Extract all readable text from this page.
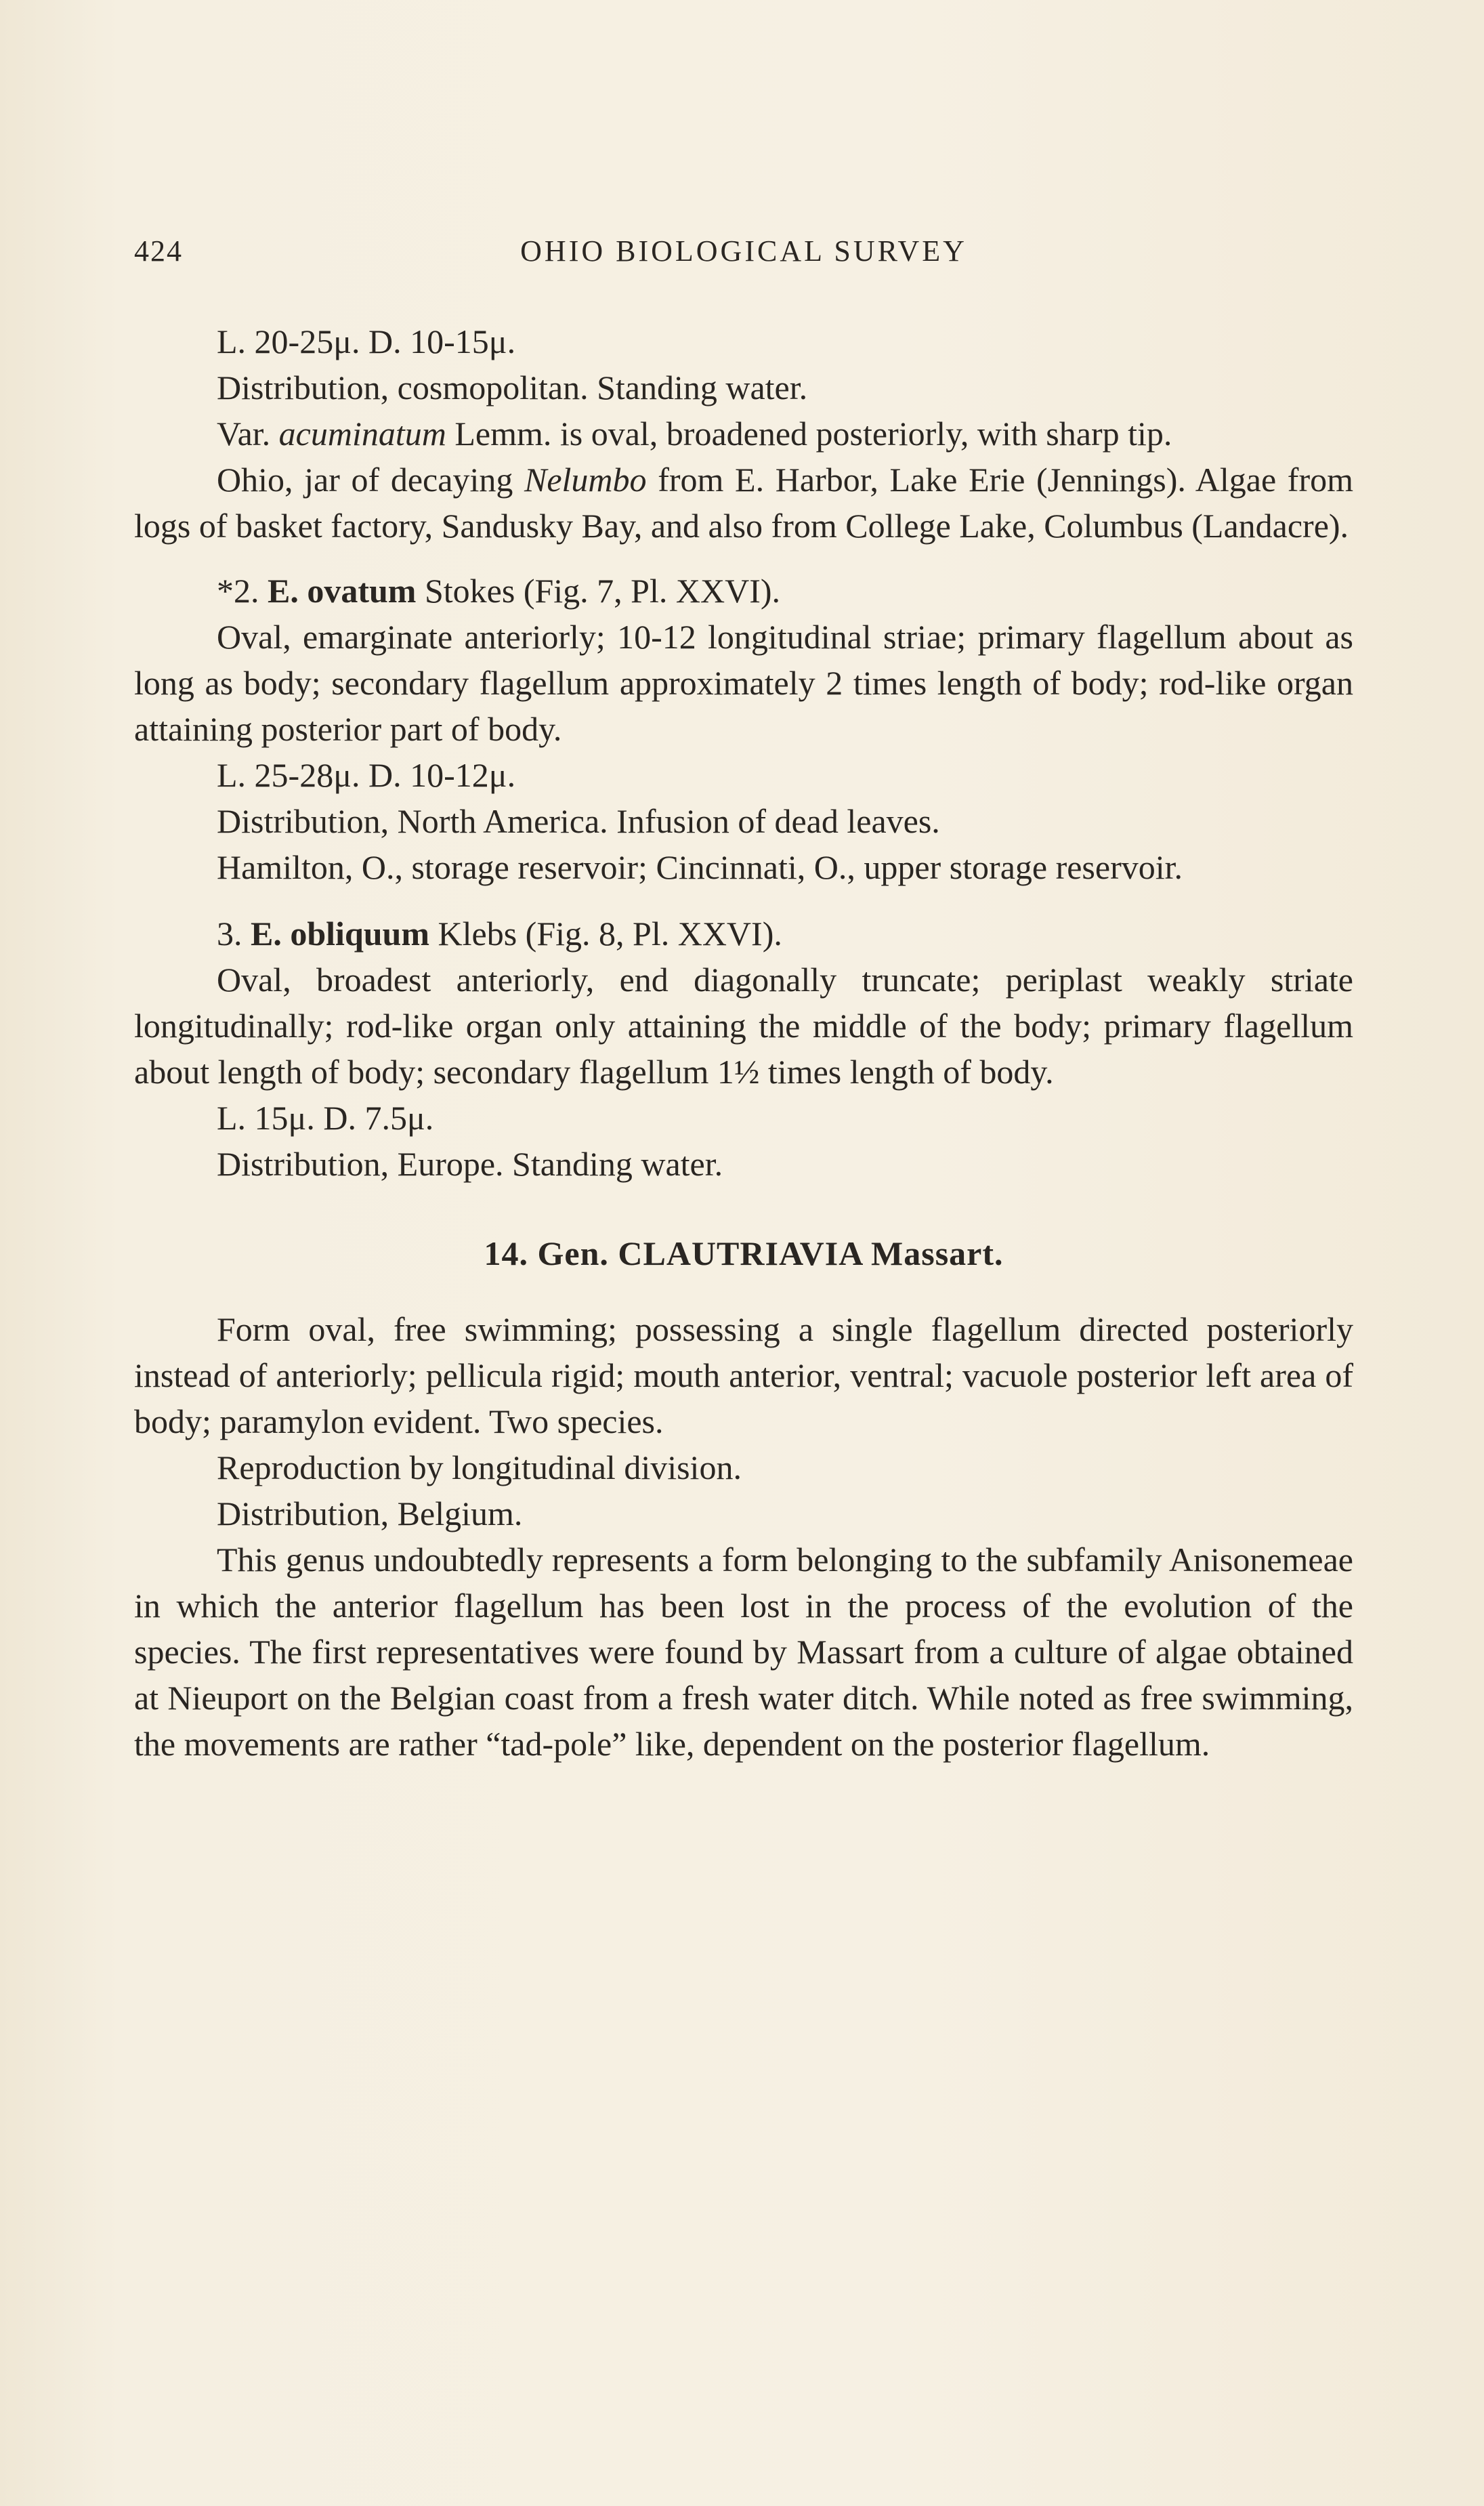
424	OHIO BIOLOGICAL SURVEY

L. 20-25μ. D. 10-15μ.

Distribution, cosmopolitan. Standing water.

Var. acuminatum Lemm. is oval, broadened posteriorly, with sharp tip.

Ohio, jar of decaying Nelumbo from E. Harbor, Lake Erie (Jennings). Algae from logs of basket factory, Sandusky Bay, and also from College Lake, Columbus (Landacre).

*2. E. ovatum Stokes (Fig. 7, Pl. XXVI).

Oval, emarginate anteriorly; 10-12 longitudinal striae; primary flagellum about as long as body; secondary flagellum approximately 2 times length of body; rod-like organ attaining posterior part of body.

L. 25-28μ. D. 10-12μ.

Distribution, North America. Infusion of dead leaves.

Hamilton, O., storage reservoir; Cincinnati, O., upper storage reservoir.

3. E. obliquum Klebs (Fig. 8, Pl. XXVI).

Oval, broadest anteriorly, end diagonally truncate; periplast weakly striate longitudinally; rod-like organ only attaining the middle of the body; primary flagellum about length of body; secondary flagellum 1½ times length of body.

L. 15μ. D. 7.5μ.

Distribution, Europe. Standing water.

14. Gen. CLAUTRIAVIA Massart.

Form oval, free swimming; possessing a single flagellum directed posteriorly instead of anteriorly; pellicula rigid; mouth anterior, ventral; vacuole posterior left area of body; paramylon evident. Two species.

Reproduction by longitudinal division.

Distribution, Belgium.

This genus undoubtedly represents a form belonging to the subfamily Anisonemeae in which the anterior flagellum has been lost in the process of the evolution of the species. The first representatives were found by Massart from a culture of algae obtained at Nieuport on the Belgian coast from a fresh water ditch. While noted as free swimming, the movements are rather “tad-pole” like, dependent on the posterior flagellum.
